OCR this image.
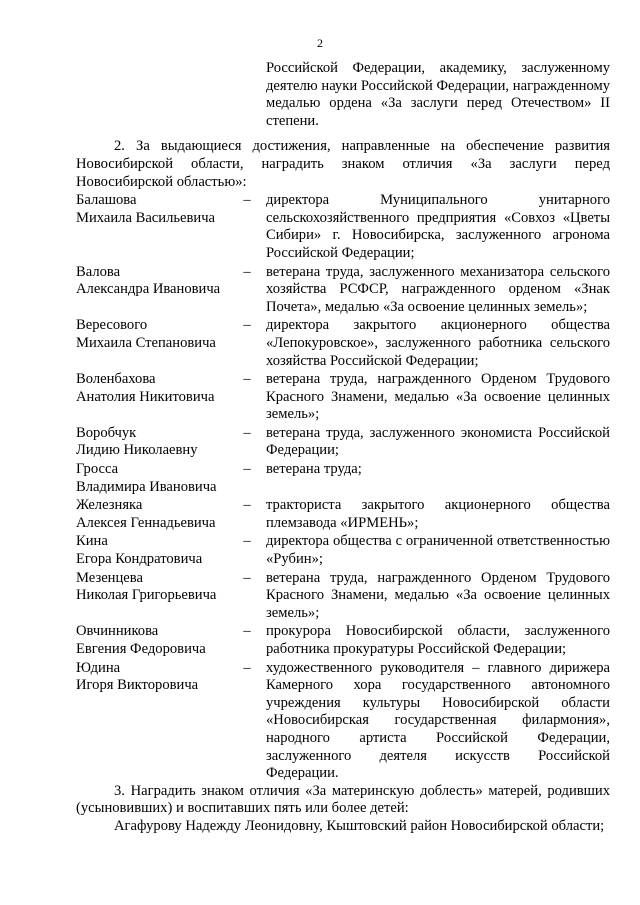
2

Российской Федерации, академику, заслуженному деятелю науки Российской Федерации, награжденному медалью ордена «За заслуги перед Отечеством» II степени.

2. За выдающиеся достижения, направленные на обеспечение развития Новосибирской области, наградить знаком отличия «За заслуги перед Новосибирской областью»:

Балашова
Михаила Васильевича
–	директора Муниципального унитарного сельскохозяйственного предприятия «Совхоз «Цветы Сибири» г. Новосибирска, заслуженного агронома Российской Федерации;
Валова
Александра Ивановича
–	ветерана труда, заслуженного механизатора сельского хозяйства РСФСР, награжденного орденом «Знак Почета», медалью «За освоение целинных земель»;
Вересового
Михаила Степановича
–	директора закрытого акционерного общества «Лепокуровское», заслуженного работника сельского хозяйства Российской Федерации;
Воленбахова
Анатолия Никитовича
–	ветерана труда, награжденного Орденом Трудового Красного Знамени, медалью «За освоение целинных земель»;
Воробчук
Лидию Николаевну
–	ветерана труда, заслуженного экономиста Российской Федерации;
Гросса
Владимира Ивановича
–	ветерана труда;
Железняка
Алексея Геннадьевича
–	тракториста закрытого акционерного общества племзавода «ИРМЕНЬ»;
Кина
Егора Кондратовича
–	директора общества с ограниченной ответственностью «Рубин»;
Мезенцева
Николая Григорьевича
–	ветерана труда, награжденного Орденом Трудового Красного Знамени, медалью «За освоение целинных земель»;
Овчинникова
Евгения Федоровича
–	прокурора Новосибирской области, заслуженного работника прокуратуры Российской Федерации;
Юдина
Игоря Викторовича
–	художественного руководителя – главного дирижера Камерного хора государственного автономного учреждения культуры Новосибирской области «Новосибирская государственная филармония», народного артиста Российской Федерации, заслуженного деятеля искусств Российской Федерации.

3. Наградить знаком отличия «За материнскую доблесть» матерей, родивших (усыновивших) и воспитавших пять или более детей:

Агафурову Надежду Леонидовну, Кыштовский район Новосибирской области;
